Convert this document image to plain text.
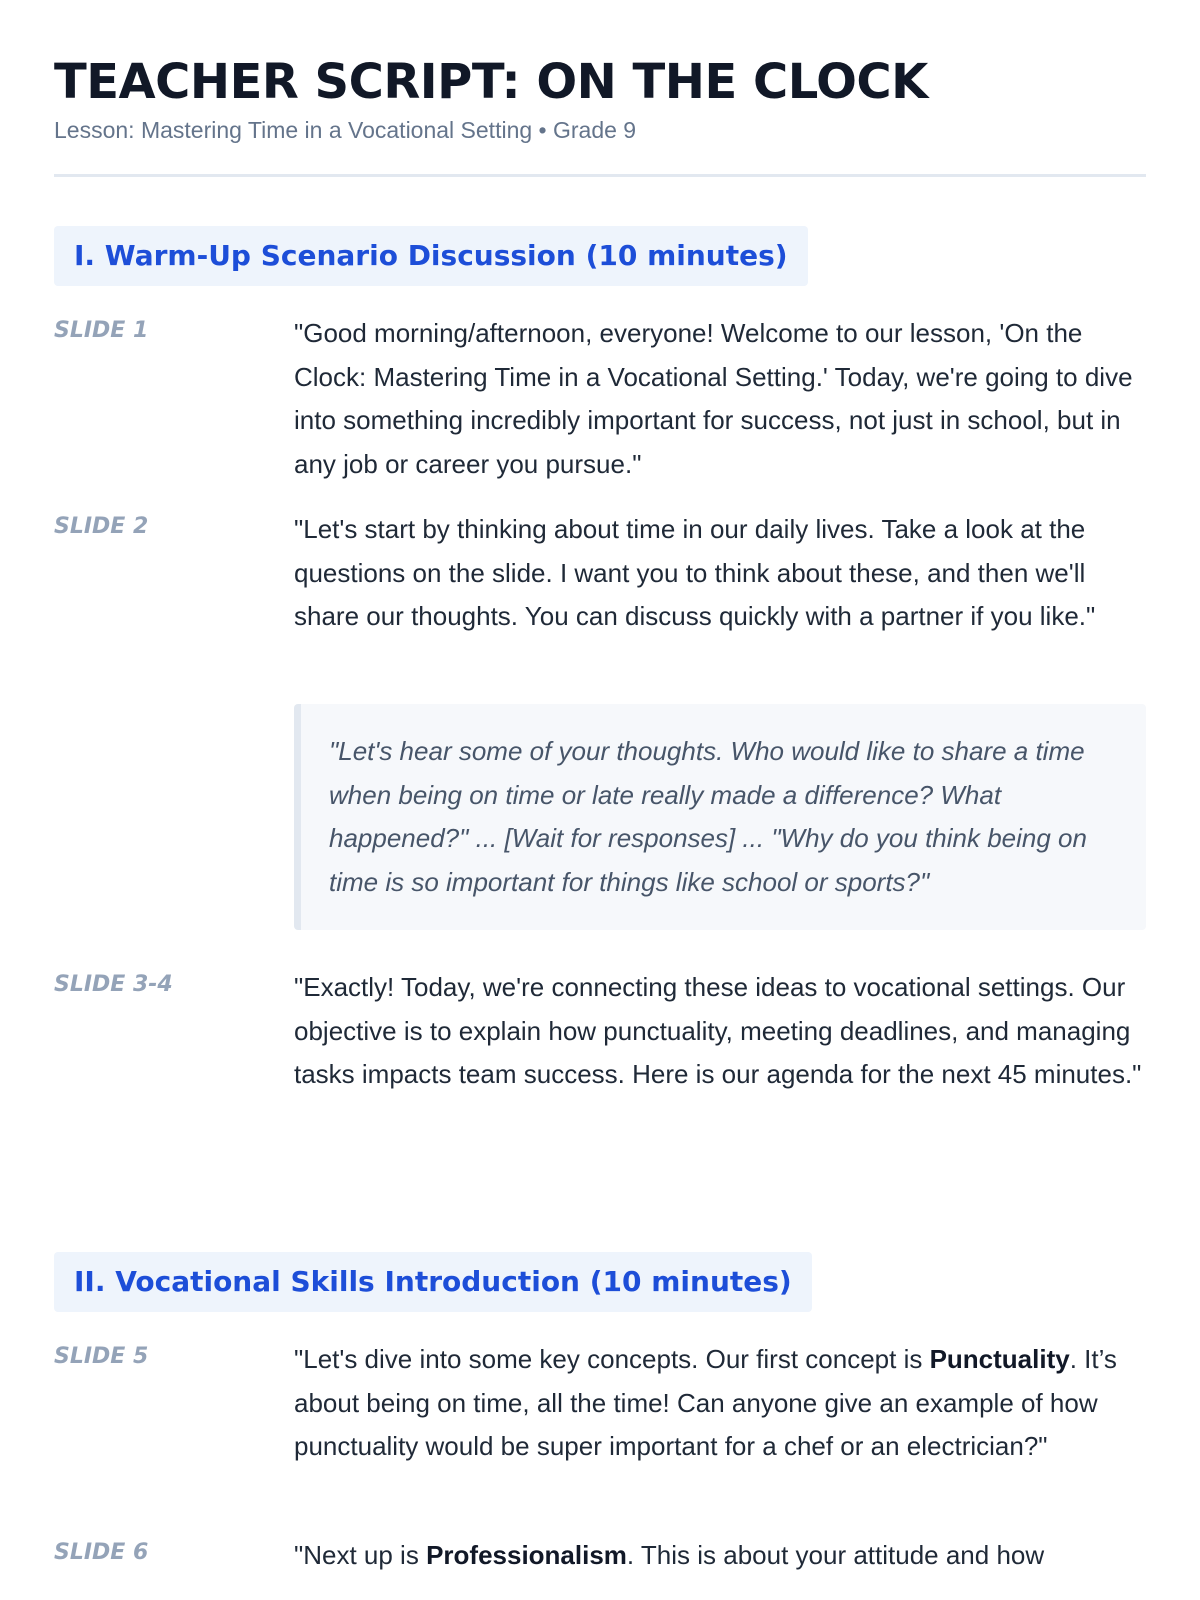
TEACHER SCRIPT: ON THE CLOCK
Lesson: Mastering Time in a Vocational Setting • Grade 9
I. Warm-Up Scenario Discussion (10 minutes)
SLIDE 1	"Good morning/afternoon, everyone! Welcome to our lesson, 'On the Clock: Mastering Time in a Vocational Setting.' Today, we're going to dive into something incredibly important for success, not just in school, but in any job or career you pursue."
SLIDE 2	"Let's start by thinking about time in our daily lives. Take a look at the questions on the slide. I want you to think about these, and then we'll share our thoughts. You can discuss quickly with a partner if you like."
"Let's hear some of your thoughts. Who would like to share a time when being on time or late really made a difference? What happened?" ... [Wait for responses] ... "Why do you think being on time is so important for things like school or sports?"
SLIDE 3-4	"Exactly! Today, we're connecting these ideas to vocational settings. Our objective is to explain how punctuality, meeting deadlines, and managing tasks impacts team success. Here is our agenda for the next 45 minutes."
II. Vocational Skills Introduction (10 minutes)
SLIDE 5	"Let's dive into some key concepts. Our first concept is Punctuality. It’s about being on time, all the time! Can anyone give an example of how punctuality would be super important for a chef or an electrician?"
SLIDE 6	"Next up is Professionalism. This is about your attitude and how
